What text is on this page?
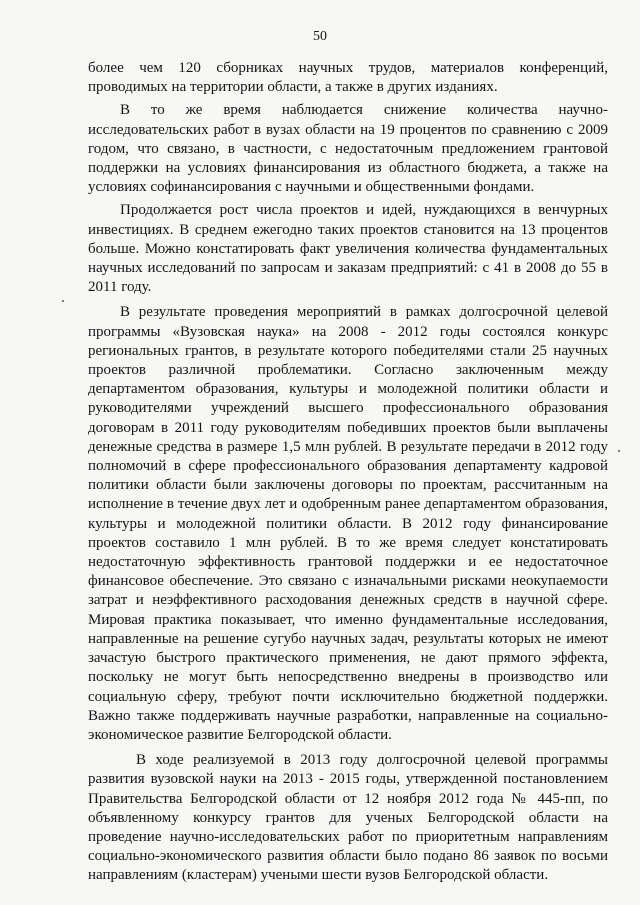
50

более чем 120 сборниках научных трудов, материалов конференций, проводимых на территории области, а также в других изданиях.

В то же время наблюдается снижение количества научно-исследовательских работ в вузах области на 19 процентов по сравнению с 2009 годом, что связано, в частности, с недостаточным предложением грантовой поддержки на условиях финансирования из областного бюджета, а также на условиях софинансирования с научными и общественными фондами.

Продолжается рост числа проектов и идей, нуждающихся в венчурных инвестициях. В среднем ежегодно таких проектов становится на 13 процентов больше. Можно констатировать факт увеличения количества фундаментальных научных исследований по запросам и заказам предприятий: с 41 в 2008 до 55 в 2011 году.

В результате проведения мероприятий в рамках долгосрочной целевой программы «Вузовская наука» на 2008 - 2012 годы состоялся конкурс региональных грантов, в результате которого победителями стали 25 научных проектов различной проблематики. Согласно заключенным между департаментом образования, культуры и молодежной политики области и руководителями учреждений высшего профессионального образования договорам в 2011 году руководителям победивших проектов были выплачены денежные средства в размере 1,5 млн рублей. В результате передачи в 2012 году полномочий в сфере профессионального образования департаменту кадровой политики области были заключены договоры по проектам, рассчитанным на исполнение в течение двух лет и одобренным ранее департаментом образования, культуры и молодежной политики области. В 2012 году финансирование проектов составило 1 млн рублей. В то же время следует констатировать недостаточную эффективность грантовой поддержки и ее недостаточное финансовое обеспечение. Это связано с изначальными рисками неокупаемости затрат и неэффективного расходования денежных средств в научной сфере. Мировая практика показывает, что именно фундаментальные исследования, направленные на решение сугубо научных задач, результаты которых не имеют зачастую быстрого практического применения, не дают прямого эффекта, поскольку не могут быть непосредственно внедрены в производство или социальную сферу, требуют почти исключительно бюджетной поддержки. Важно также поддерживать научные разработки, направленные на социально-экономическое развитие Белгородской области.

В ходе реализуемой в 2013 году долгосрочной целевой программы развития вузовской науки на 2013 - 2015 годы, утвержденной постановлением Правительства Белгородской области от 12 ноября 2012 года № 445-пп, по объявленному конкурсу грантов для ученых Белгородской области на проведение научно-исследовательских работ по приоритетным направлениям социально-экономического развития области было подано 86 заявок по восьми направлениям (кластерам) учеными шести вузов Белгородской области.
